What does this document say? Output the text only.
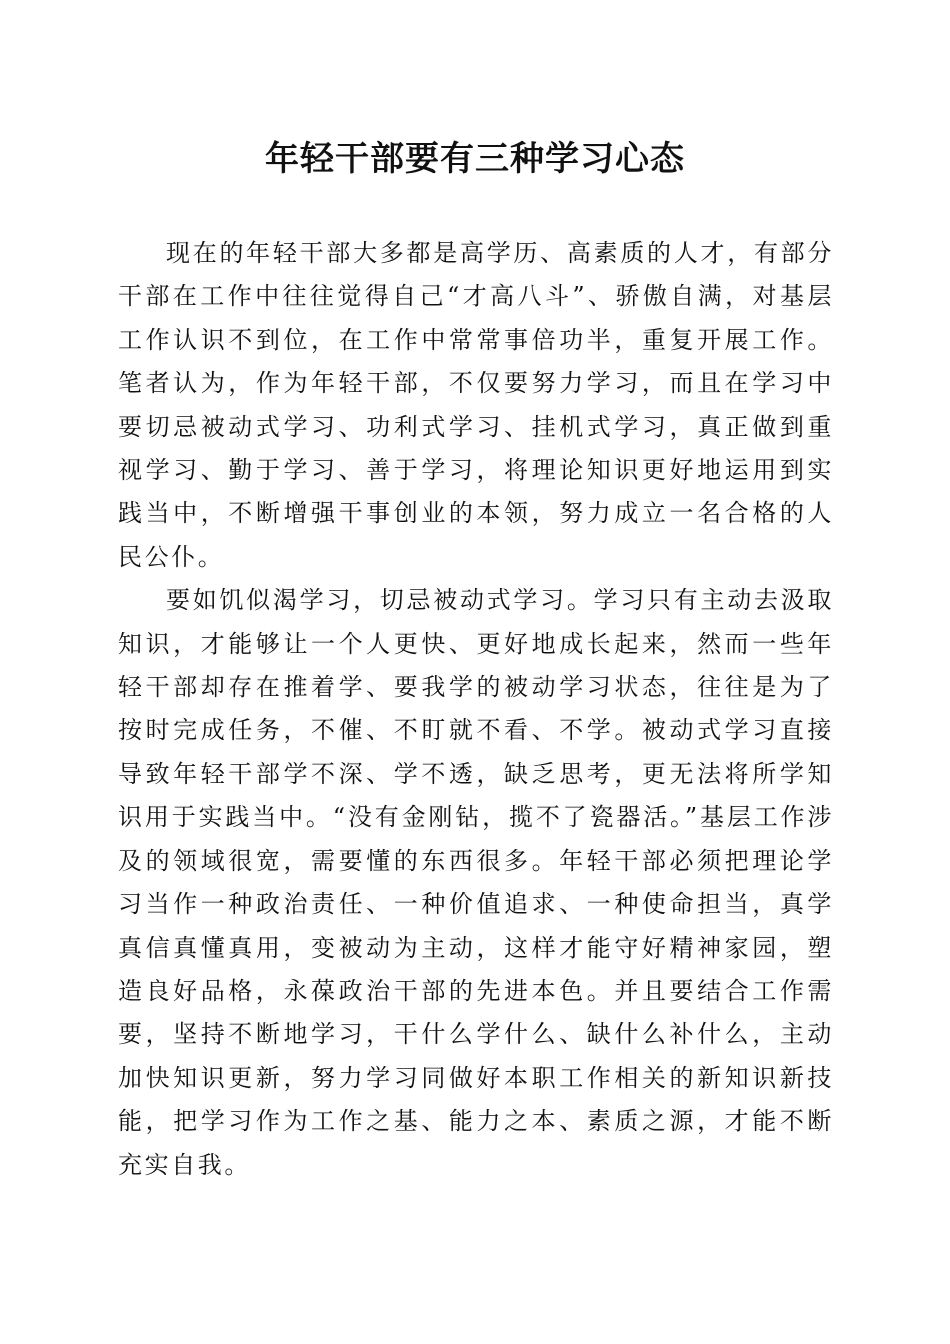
年轻干部要有三种学习心态

现在的年轻干部大多都是高学历、高素质的人才，有部分干部在工作中往往觉得自己“才高八斗”、骄傲自满，对基层工作认识不到位，在工作中常常事倍功半，重复开展工作。笔者认为，作为年轻干部，不仅要努力学习，而且在学习中要切忌被动式学习、功利式学习、挂机式学习，真正做到重视学习、勤于学习、善于学习，将理论知识更好地运用到实践当中，不断增强干事创业的本领，努力成立一名合格的人民公仆。

要如饥似渴学习，切忌被动式学习。学习只有主动去汲取知识，才能够让一个人更快、更好地成长起来，然而一些年轻干部却存在推着学、要我学的被动学习状态，往往是为了按时完成任务，不催、不盯就不看、不学。被动式学习直接导致年轻干部学不深、学不透，缺乏思考，更无法将所学知识用于实践当中。“没有金刚钻，揽不了瓷器活。”基层工作涉及的领域很宽，需要懂的东西很多。年轻干部必须把理论学习当作一种政治责任、一种价值追求、一种使命担当，真学真信真懂真用，变被动为主动，这样才能守好精神家园，塑造良好品格，永葆政治干部的先进本色。并且要结合工作需要，坚持不断地学习，干什么学什么、缺什么补什么，主动加快知识更新，努力学习同做好本职工作相关的新知识新技能，把学习作为工作之基、能力之本、素质之源，才能不断充实自我。
